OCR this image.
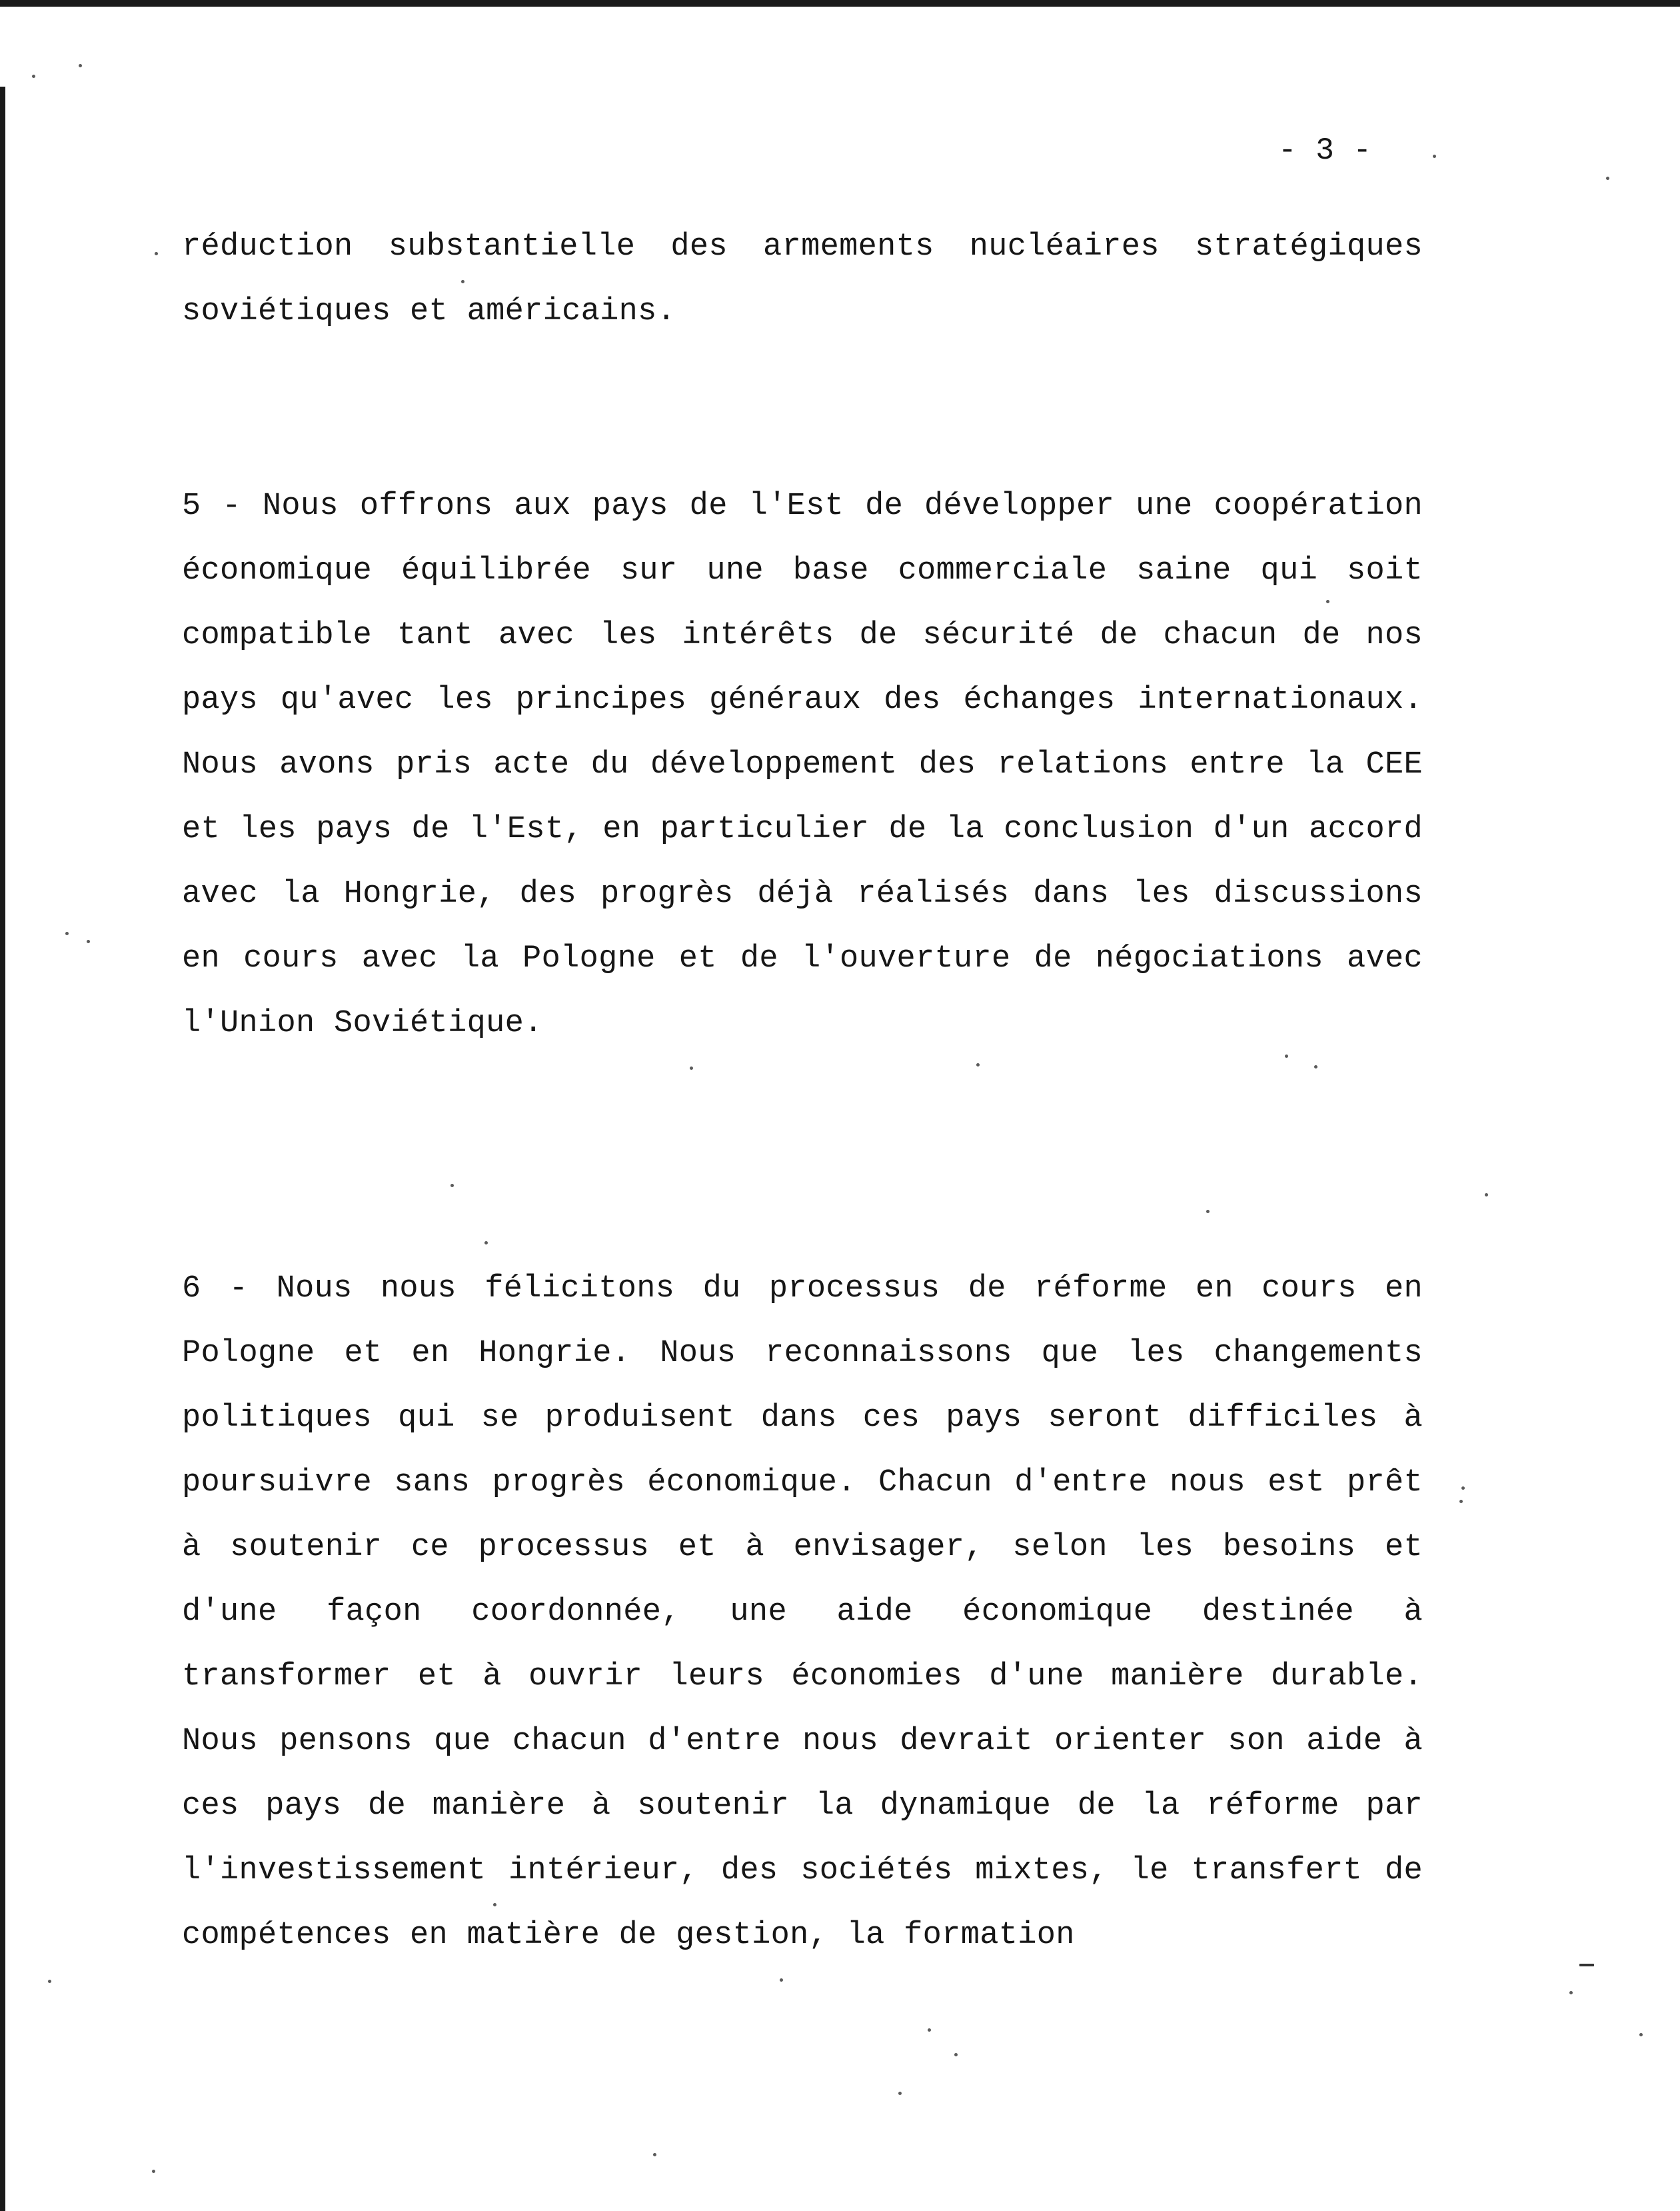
- 3 -

réduction substantielle des armements nucléaires stratégiques soviétiques et américains.

5 - Nous offrons aux pays de l'Est de développer une coopération économique équilibrée sur une base commerciale saine qui soit compatible tant avec les intérêts de sécurité de chacun de nos pays qu'avec les principes généraux des échanges internationaux. Nous avons pris acte du développement des relations entre la CEE et les pays de l'Est, en particulier de la conclusion d'un accord avec la Hongrie, des progrès déjà réalisés dans les discussions en cours avec la Pologne et de l'ouverture de négociations avec l'Union Soviétique.

6 - Nous nous félicitons du processus de réforme en cours en Pologne et en Hongrie. Nous reconnaissons que les changements politiques qui se produisent dans ces pays seront difficiles à poursuivre sans progrès économique. Chacun d'entre nous est prêt à soutenir ce processus et à envisager, selon les besoins et d'une façon coordonnée, une aide économique destinée à transformer et à ouvrir leurs économies d'une manière durable. Nous pensons que chacun d'entre nous devrait orienter son aide à ces pays de manière à soutenir la dynamique de la réforme par l'investissement intérieur, des sociétés mixtes, le transfert de compétences en matière de gestion, la formation
